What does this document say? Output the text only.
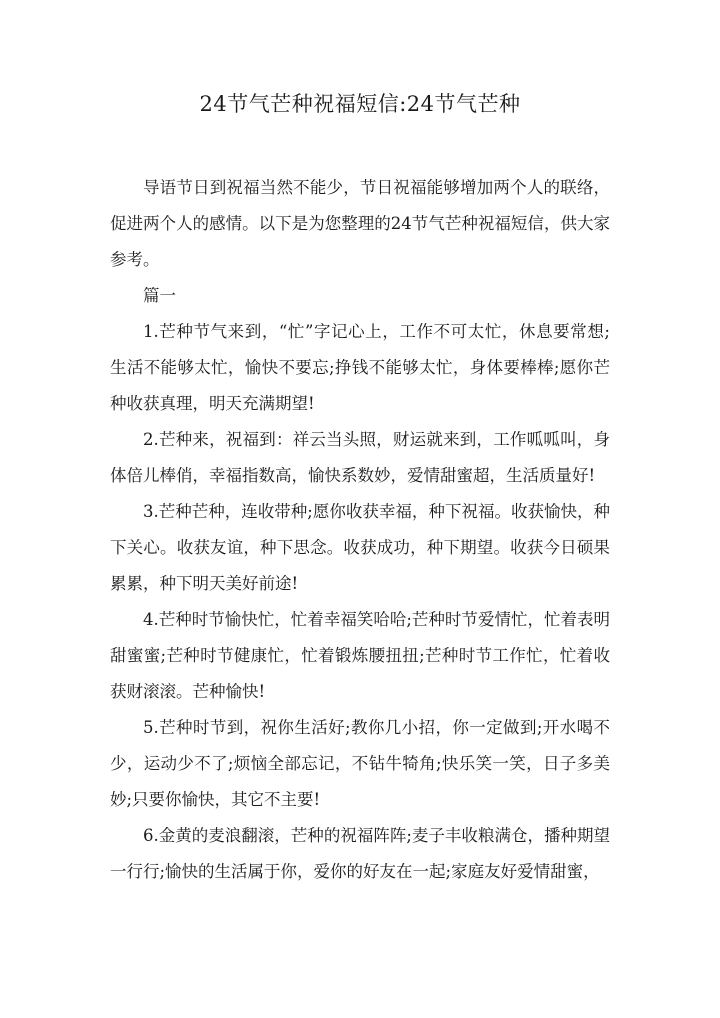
24节气芒种祝福短信:24节气芒种

导语节日到祝福当然不能少，节日祝福能够增加两个人的联络，促进两个人的感情。以下是为您整理的24节气芒种祝福短信，供大家参考。

篇一

1.芒种节气来到，“忙”字记心上，工作不可太忙，休息要常想;生活不能够太忙，愉快不要忘;挣钱不能够太忙，身体要棒棒;愿你芒种收获真理，明天充满期望!

2.芒种来，祝福到：祥云当头照，财运就来到，工作呱呱叫，身体倍儿棒俏，幸福指数高，愉快系数妙，爱情甜蜜超，生活质量好!

3.芒种芒种，连收带种;愿你收获幸福，种下祝福。收获愉快，种下关心。收获友谊，种下思念。收获成功，种下期望。收获今日硕果累累，种下明天美好前途!

4.芒种时节愉快忙，忙着幸福笑哈哈;芒种时节爱情忙，忙着表明甜蜜蜜;芒种时节健康忙，忙着锻炼腰扭扭;芒种时节工作忙，忙着收获财滚滚。芒种愉快!

5.芒种时节到，祝你生活好;教你几小招，你一定做到;开水喝不少，运动少不了;烦恼全部忘记，不钻牛犄角;快乐笑一笑，日子多美妙;只要你愉快，其它不主要!

6.金黄的麦浪翻滚，芒种的祝福阵阵;麦子丰收粮满仓，播种期望一行行;愉快的生活属于你，爱你的好友在一起;家庭友好爱情甜蜜，
